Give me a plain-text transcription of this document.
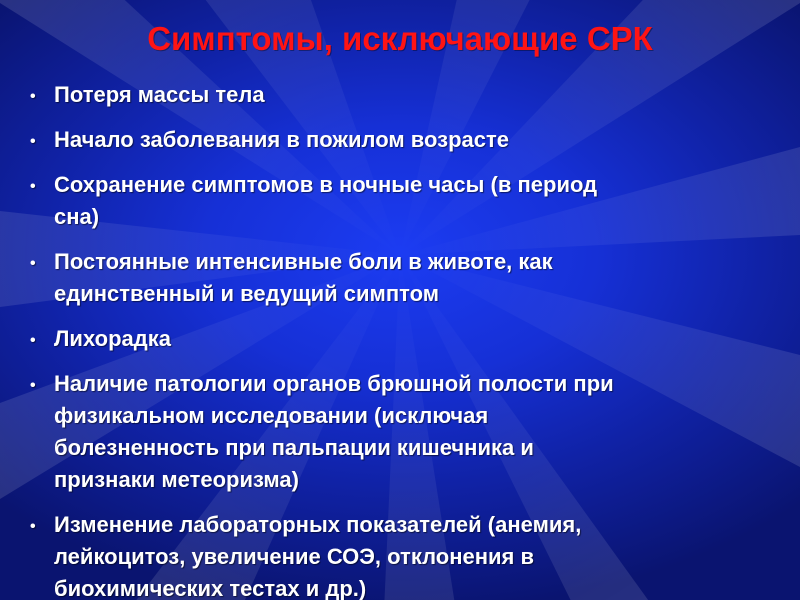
Симптомы, исключающие СРК
• Потеря массы тела
• Начало заболевания в пожилом возрасте
• Сохранение симптомов в ночные часы (в период сна)
• Постоянные интенсивные боли в животе, как единственный и ведущий симптом
• Лихорадка
• Наличие патологии органов брюшной полости при физикальном исследовании (исключая болезненность при пальпации кишечника и признаки метеоризма)
• Изменение лабораторных показателей (анемия, лейкоцитоз, увеличение СОЭ, отклонения в биохимических тестах и др.)
